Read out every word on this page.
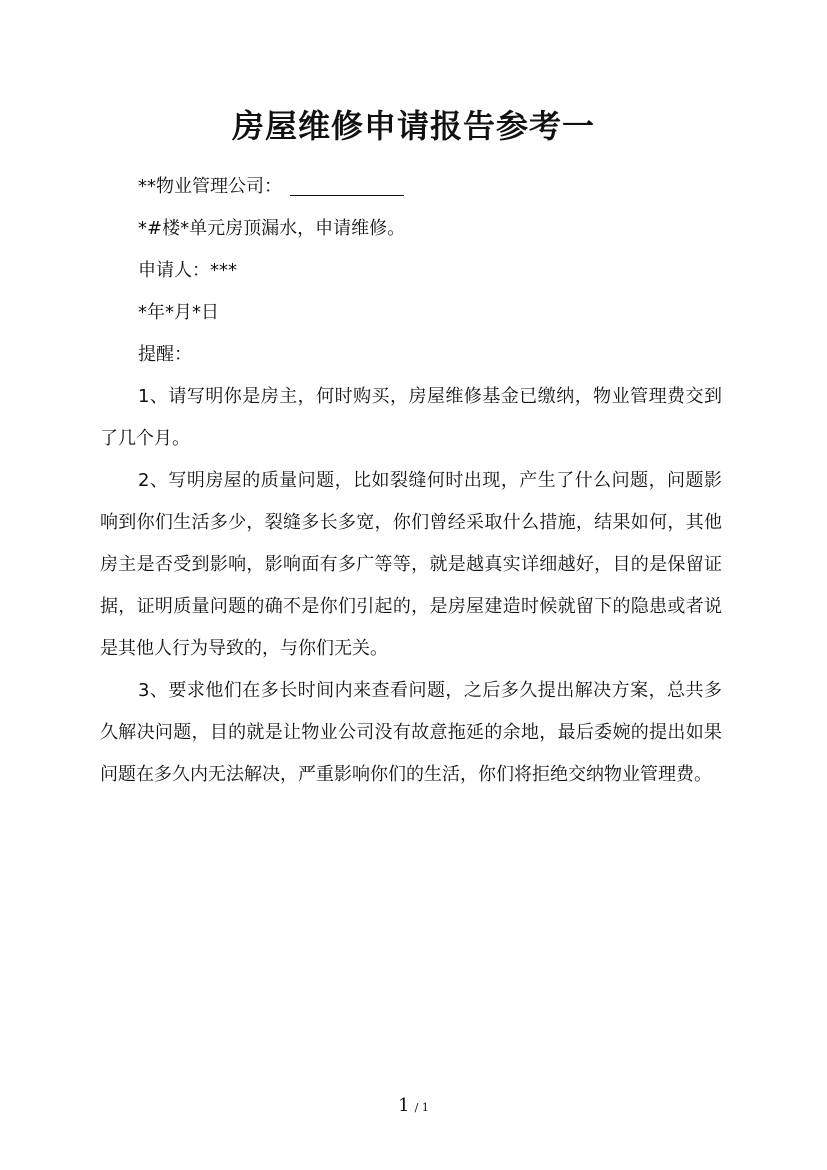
房屋维修申请报告参考一

**物业管理公司：

*#楼*单元房顶漏水，申请维修。

申请人：***

*年*月*日

提醒：

1、请写明你是房主，何时购买，房屋维修基金已缴纳，物业管理费交到了几个月。

2、写明房屋的质量问题，比如裂缝何时出现，产生了什么问题，问题影响到你们生活多少，裂缝多长多宽，你们曾经采取什么措施，结果如何，其他房主是否受到影响，影响面有多广等等，就是越真实详细越好，目的是保留证据，证明质量问题的确不是你们引起的，是房屋建造时候就留下的隐患或者说是其他人行为导致的，与你们无关。

3、要求他们在多长时间内来查看问题，之后多久提出解决方案，总共多久解决问题，目的就是让物业公司没有故意拖延的余地，最后委婉的提出如果问题在多久内无法解决，严重影响你们的生活，你们将拒绝交纳物业管理费。

1 / 1
